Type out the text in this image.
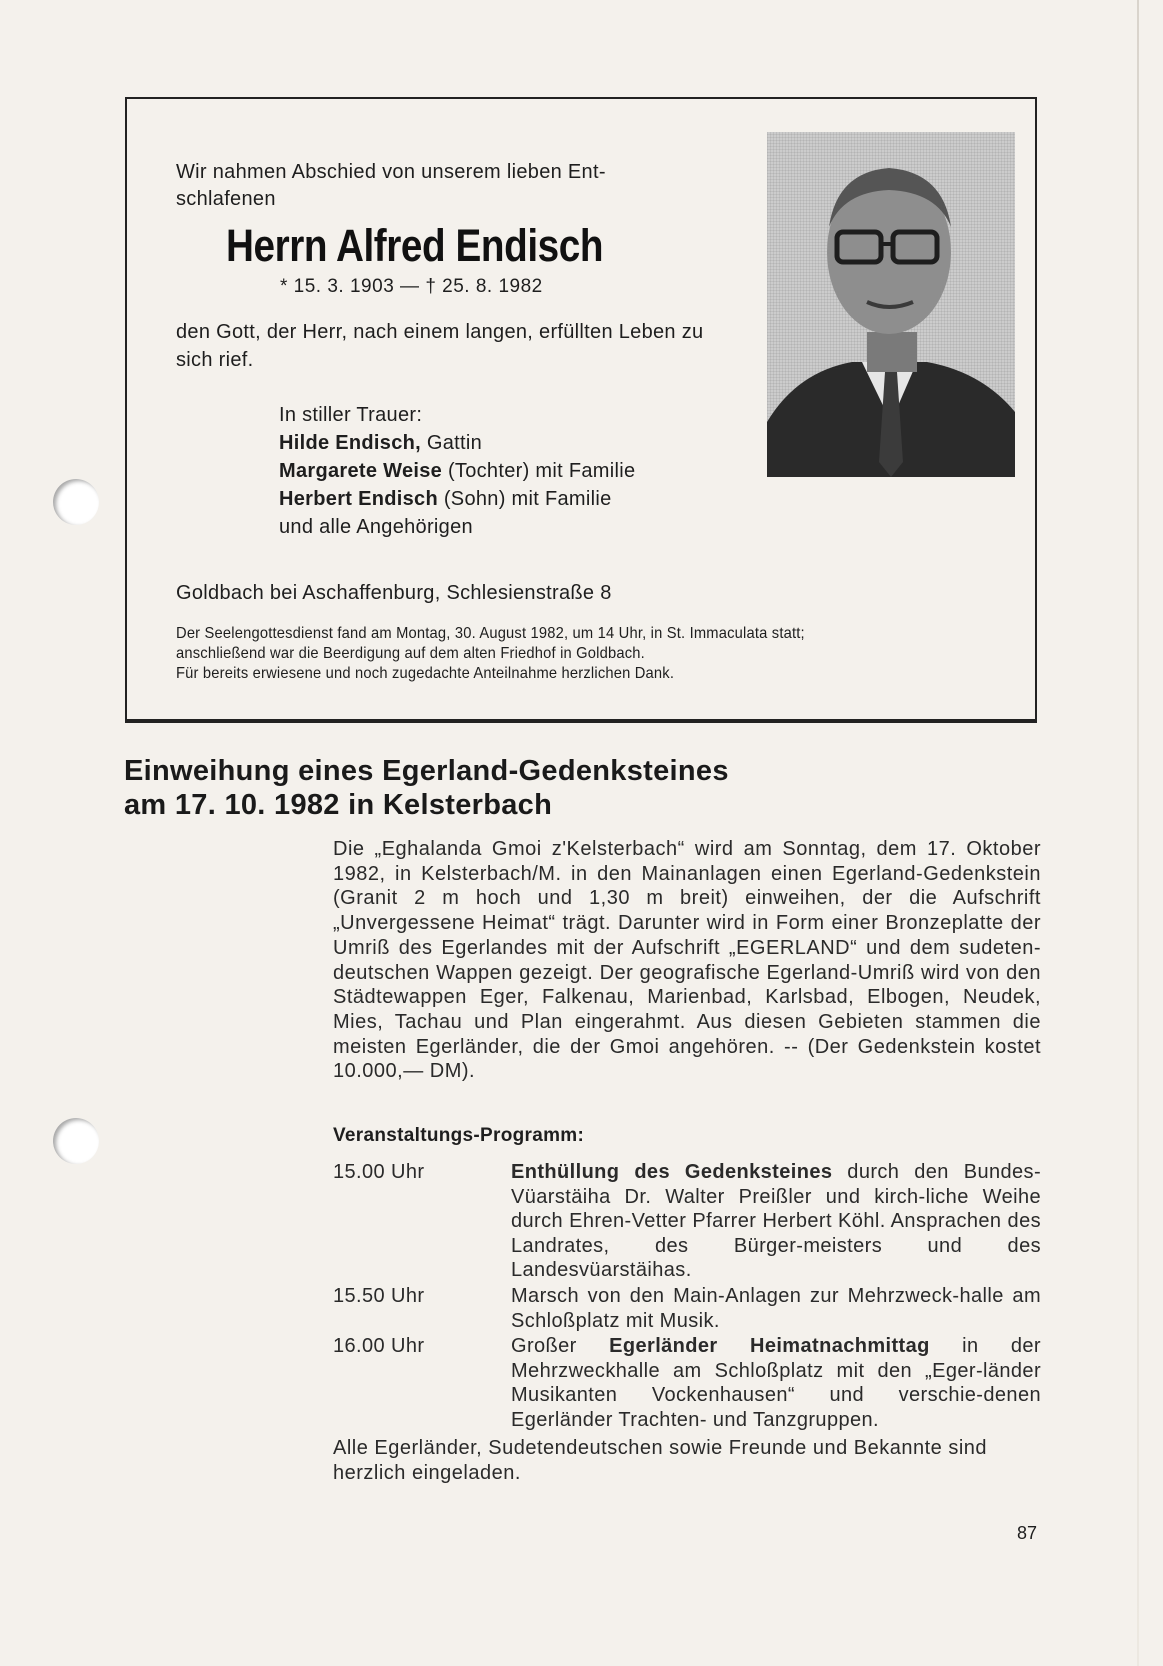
Wir nahmen Abschied von unserem lieben Ent-schlafenen
Herrn Alfred Endisch
* 15. 3. 1903 — † 25. 8. 1982
den Gott, der Herr, nach einem langen, erfüllten Leben zu sich rief.
In stiller Trauer:
Hilde Endisch, Gattin
Margarete Weise (Tochter) mit Familie
Herbert Endisch (Sohn) mit Familie
und alle Angehörigen
Goldbach bei Aschaffenburg, Schlesienstraße 8
Der Seelengottesdienst fand am Montag, 30. August 1982, um 14 Uhr, in St. Immaculata statt;
anschließend war die Beerdigung auf dem alten Friedhof in Goldbach.
Für bereits erwiesene und noch zugedachte Anteilnahme herzlichen Dank.
Einweihung eines Egerland-Gedenksteines
am 17. 10. 1982 in Kelsterbach
Die „Eghalanda Gmoi z'Kelsterbach“ wird am Sonntag, dem 17. Oktober 1982, in Kelsterbach/M. in den Mainanlagen einen Egerland-Gedenkstein (Granit 2 m hoch und 1,30 m breit) einweihen, der die Aufschrift „Unvergessene Heimat“ trägt. Darunter wird in Form einer Bronzeplatte der Umriß des Egerlandes mit der Aufschrift „EGERLAND“ und dem sudeten-deutschen Wappen gezeigt. Der geografische Egerland-Umriß wird von den Städtewappen Eger, Falkenau, Marienbad, Karlsbad, Elbogen, Neudek, Mies, Tachau und Plan eingerahmt. Aus diesen Gebieten stammen die meisten Egerländer, die der Gmoi angehören. -- (Der Gedenkstein kostet 10.000,— DM).
Veranstaltungs-Programm:
15.00 Uhr	Enthüllung des Gedenksteines durch den Bundes-Vüarstäiha Dr. Walter Preißler und kirch-liche Weihe durch Ehren-Vetter Pfarrer Herbert Köhl. Ansprachen des Landrates, des Bürger-meisters und des Landesvüarstäihas.
15.50 Uhr	Marsch von den Main-Anlagen zur Mehrzweck-halle am Schloßplatz mit Musik.
16.00 Uhr	Großer Egerländer Heimatnachmittag in der Mehrzweckhalle am Schloßplatz mit den „Eger-länder Musikanten Vockenhausen“ und verschie-denen Egerländer Trachten- und Tanzgruppen.
Alle Egerländer, Sudetendeutschen sowie Freunde und Bekannte sind herzlich eingeladen.
87
